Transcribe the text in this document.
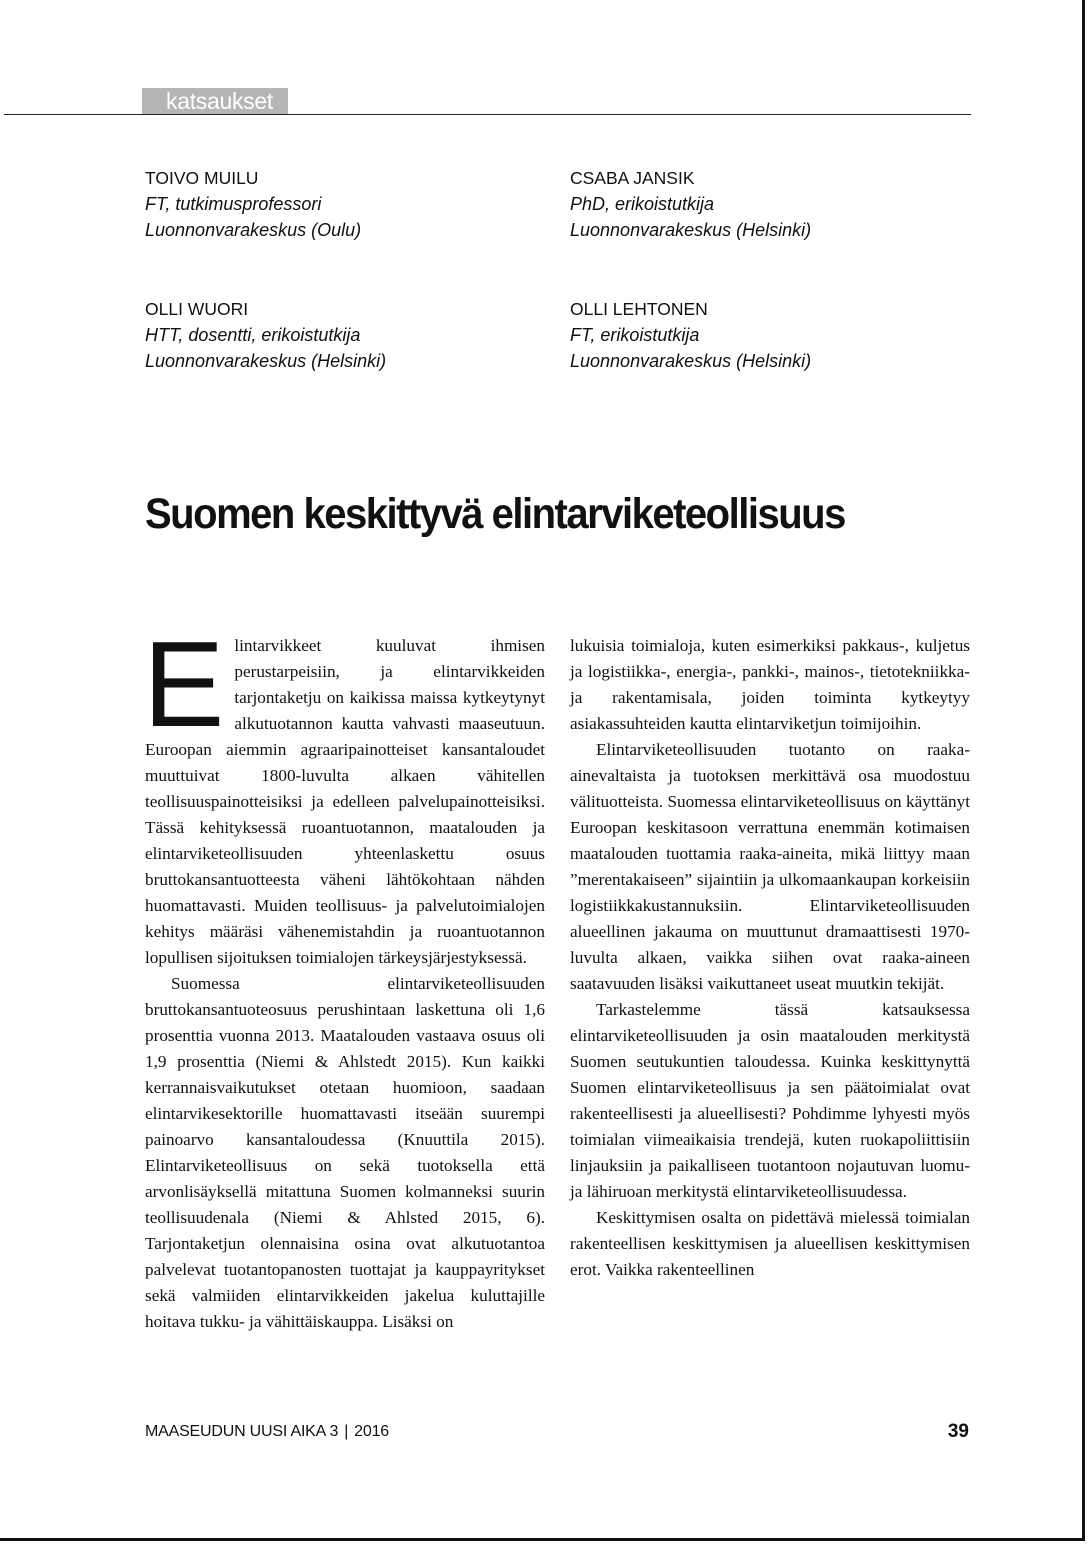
katsaukset
TOIVO MUILU
FT, tutkimusprofessori
Luonnonvarakeskus (Oulu)
CSABA JANSIK
PhD, erikoistutkija
Luonnonvarakeskus (Helsinki)
OLLI WUORI
HTT, dosentti, erikoistutkija
Luonnonvarakeskus (Helsinki)
OLLI LEHTONEN
FT, erikoistutkija
Luonnonvarakeskus (Helsinki)
Suomen keskittyvä elintarviketeollisuus
E lintarvikkeet kuuluvat ihmisen perustarpeisiin, ja elintarvikkeiden tarjontaketju on kaikissa maissa kytkeytynyt alkutuotannon kautta vahvasti maaseutuun. Euroopan aiemmin agraaripainotteiset kansantaloudet muuttuivat 1800-luvulta alkaen vähitellen teollisuuspainotteisiksi ja edelleen palvelupainotteisiksi. Tässä kehityksessä ruoantuotannon, maatalouden ja elintarviketeollisuuden yhteenlaskettu osuus bruttokansantuotteesta väheni lähtökohtaan nähden huomattavasti. Muiden teollisuus- ja palvelutoimialojen kehitys määräsi vähenemistahdin ja ruoantuotannon lopullisen sijoituksen toimialojen tärkeysjärjestyksessä.

Suomessa elintarviketeollisuuden bruttokansantuoteosuus perushintaan laskettuna oli 1,6 prosenttia vuonna 2013. Maatalouden vastaava osuus oli 1,9 prosenttia (Niemi & Ahlstedt 2015). Kun kaikki kerrannaisvaikutukset otetaan huomioon, saadaan elintarvikesektorille huomattavasti itseään suurempi painoarvo kansantaloudessa (Knuuttila 2015). Elintarviketeollisuus on sekä tuotoksella että arvonlisäyksellä mitattuna Suomen kolmanneksi suurin teollisuudenala (Niemi & Ahlsted 2015, 6). Tarjontaketjun olennaisina osina ovat alkutuotantoa palvelevat tuotantopanosten tuottajat ja kauppayritykset sekä valmiiden elintarvikkeiden jakelua kuluttajille hoitava tukku- ja vähittäiskauppa. Lisäksi on

lukuisia toimialoja, kuten esimerkiksi pakkaus-, kuljetus ja logistiikka-, energia-, pankki-, mainos-, tietotekniikka- ja rakentamisala, joiden toiminta kytkeytyy asiakassuhteiden kautta elintarviketjun toimijoihin.

Elintarviketeollisuuden tuotanto on raaka-ainevaltaista ja tuotoksen merkittävä osa muodostuu välituotteista. Suomessa elintarviketeollisuus on käyttänyt Euroopan keskitasoon verrattuna enemmän kotimaisen maatalouden tuottamia raaka-aineita, mikä liittyy maan ”merentakaiseen” sijaintiin ja ulkomaankaupan korkeisiin logistiikkakustannuksiin. Elintarviketeollisuuden alueellinen jakauma on muuttunut dramaattisesti 1970-luvulta alkaen, vaikka siihen ovat raaka-aineen saatavuuden lisäksi vaikuttaneet useat muutkin tekijät.

Tarkastelemme tässä katsauksessa elintarviketeollisuuden ja osin maatalouden merkitystä Suomen seutukuntien taloudessa. Kuinka keskittynyttä Suomen elintarviketeollisuus ja sen päätoimialat ovat rakenteellisesti ja alueellisesti? Pohdimme lyhyesti myös toimialan viimeaikaisia trendejä, kuten ruokapoliittisiin linjauksiin ja paikalliseen tuotantoon nojautuvan luomu- ja lähiruoan merkitystä elintarviketeollisuudessa.

Keskittymisen osalta on pidettävä mielessä toimialan rakenteellisen keskittymisen ja alueellisen keskittymisen erot. Vaikka rakenteellinen

MAASEUDUN UUSI AIKA 3 | 2016	39
